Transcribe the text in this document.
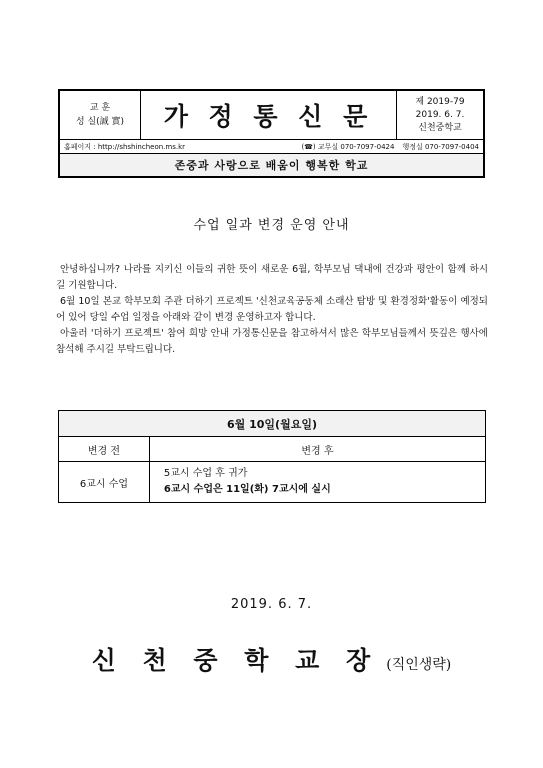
교 훈
성 실(誠 實)	가 정 통 신 문
제 2019-79
2019. 6. 7.
신천중학교
홈페이지 : http://shshincheon.ms.kr	(☎) 교무실 070-7097-0424 행정실 070-7097-0404
존중과 사랑으로 배움이 행복한 학교
수업 일과 변경 운영 안내

안녕하십니까? 나라를 지키신 이들의 귀한 뜻이 새로운 6월, 학부모님 댁내에 건강과 평안이 함께 하시길 기원합니다.

6월 10일 본교 학부모회 주관 더하기 프로젝트 '신천교육공동체 소래산 탐방 및 환경정화'활동이 예정되어 있어 당일 수업 일정을 아래와 같이 변경 운영하고자 합니다.

아울러 '더하기 프로젝트' 참여 희망 안내 가정통신문을 참고하셔서 많은 학부모님들께서 뜻깊은 행사에 참석해 주시길 부탁드립니다.

6월 10일(월요일)	
변경 전	변경 후
6교시 수업	5교시 수업 후 귀가
6교시 수업은 11일(화) 7교시에 실시
2019. 6. 7.
신 천 중 학 교 장 (직인생략)
